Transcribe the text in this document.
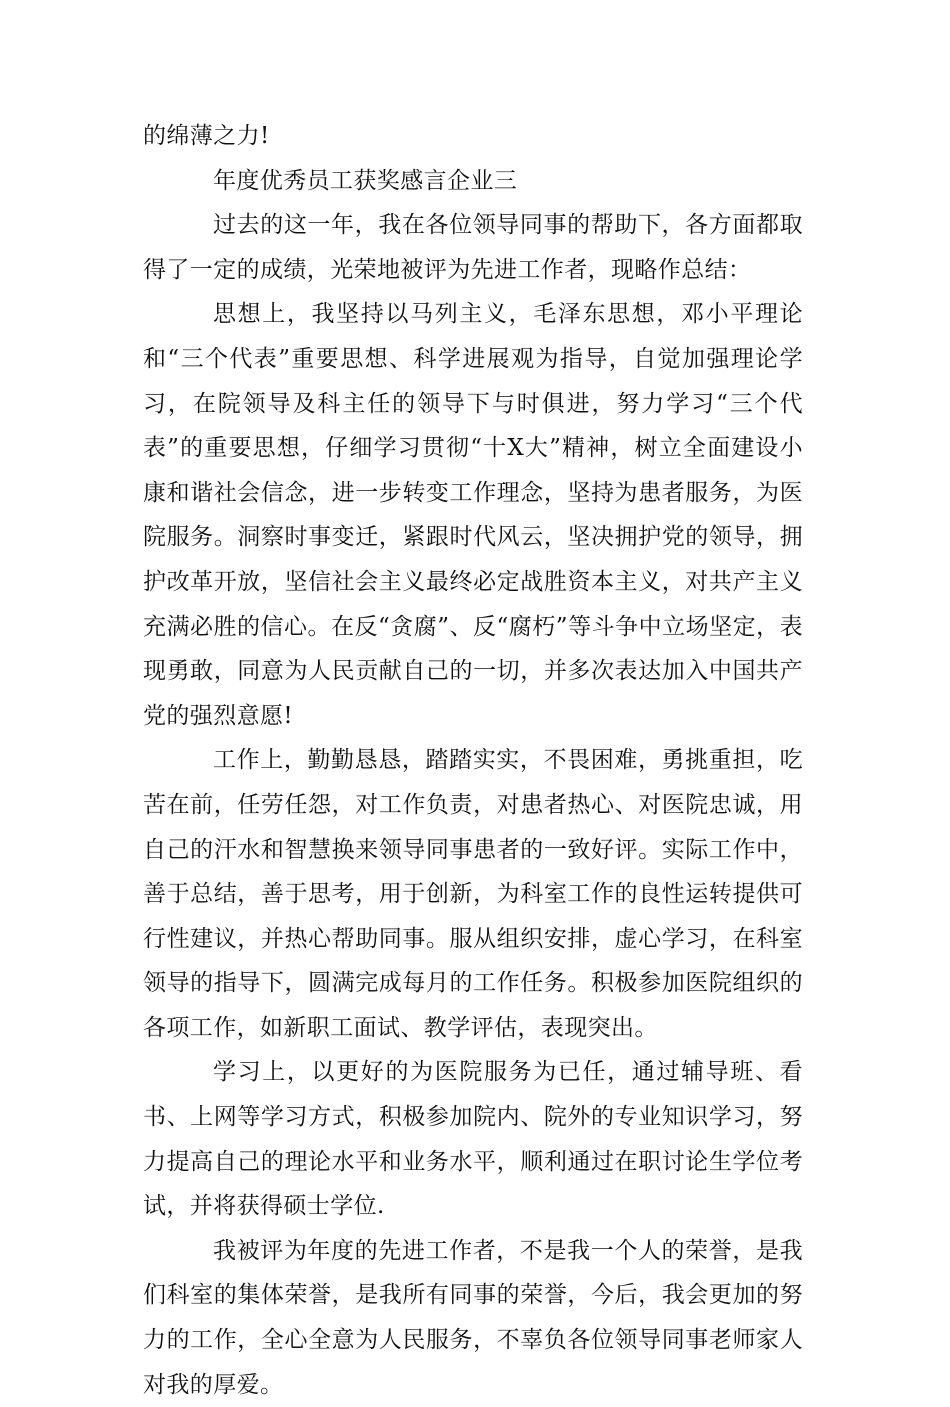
的绵薄之力!

年度优秀员工获奖感言企业三

过去的这一年，我在各位领导同事的帮助下，各方面都取得了一定的成绩，光荣地被评为先进工作者，现略作总结：

思想上，我坚持以马列主义，毛泽东思想，邓小平理论和“三个代表”重要思想、科学进展观为指导，自觉加强理论学习，在院领导及科主任的领导下与时俱进，努力学习“三个代表”的重要思想，仔细学习贯彻“十X大”精神，树立全面建设小康和谐社会信念，进一步转变工作理念，坚持为患者服务，为医院服务。洞察时事变迁，紧跟时代风云，坚决拥护党的领导，拥护改革开放，坚信社会主义最终必定战胜资本主义，对共产主义充满必胜的信心。在反“贪腐”、反“腐朽”等斗争中立场坚定，表现勇敢，同意为人民贡献自己的一切，并多次表达加入中国共产党的强烈意愿!

工作上，勤勤恳恳，踏踏实实，不畏困难，勇挑重担，吃苦在前，任劳任怨，对工作负责，对患者热心、对医院忠诚，用自己的汗水和智慧换来领导同事患者的一致好评。实际工作中，善于总结，善于思考，用于创新，为科室工作的良性运转提供可行性建议，并热心帮助同事。服从组织安排，虚心学习，在科室领导的指导下，圆满完成每月的工作任务。积极参加医院组织的各项工作，如新职工面试、教学评估，表现突出。

学习上，以更好的为医院服务为已任，通过辅导班、看书、上网等学习方式，积极参加院内、院外的专业知识学习，努力提高自己的理论水平和业务水平，顺利通过在职讨论生学位考试，并将获得硕士学位.

我被评为年度的先进工作者，不是我一个人的荣誉，是我们科室的集体荣誉，是我所有同事的荣誉，今后，我会更加的努力的工作，全心全意为人民服务，不辜负各位领导同事老师家人对我的厚爱。
